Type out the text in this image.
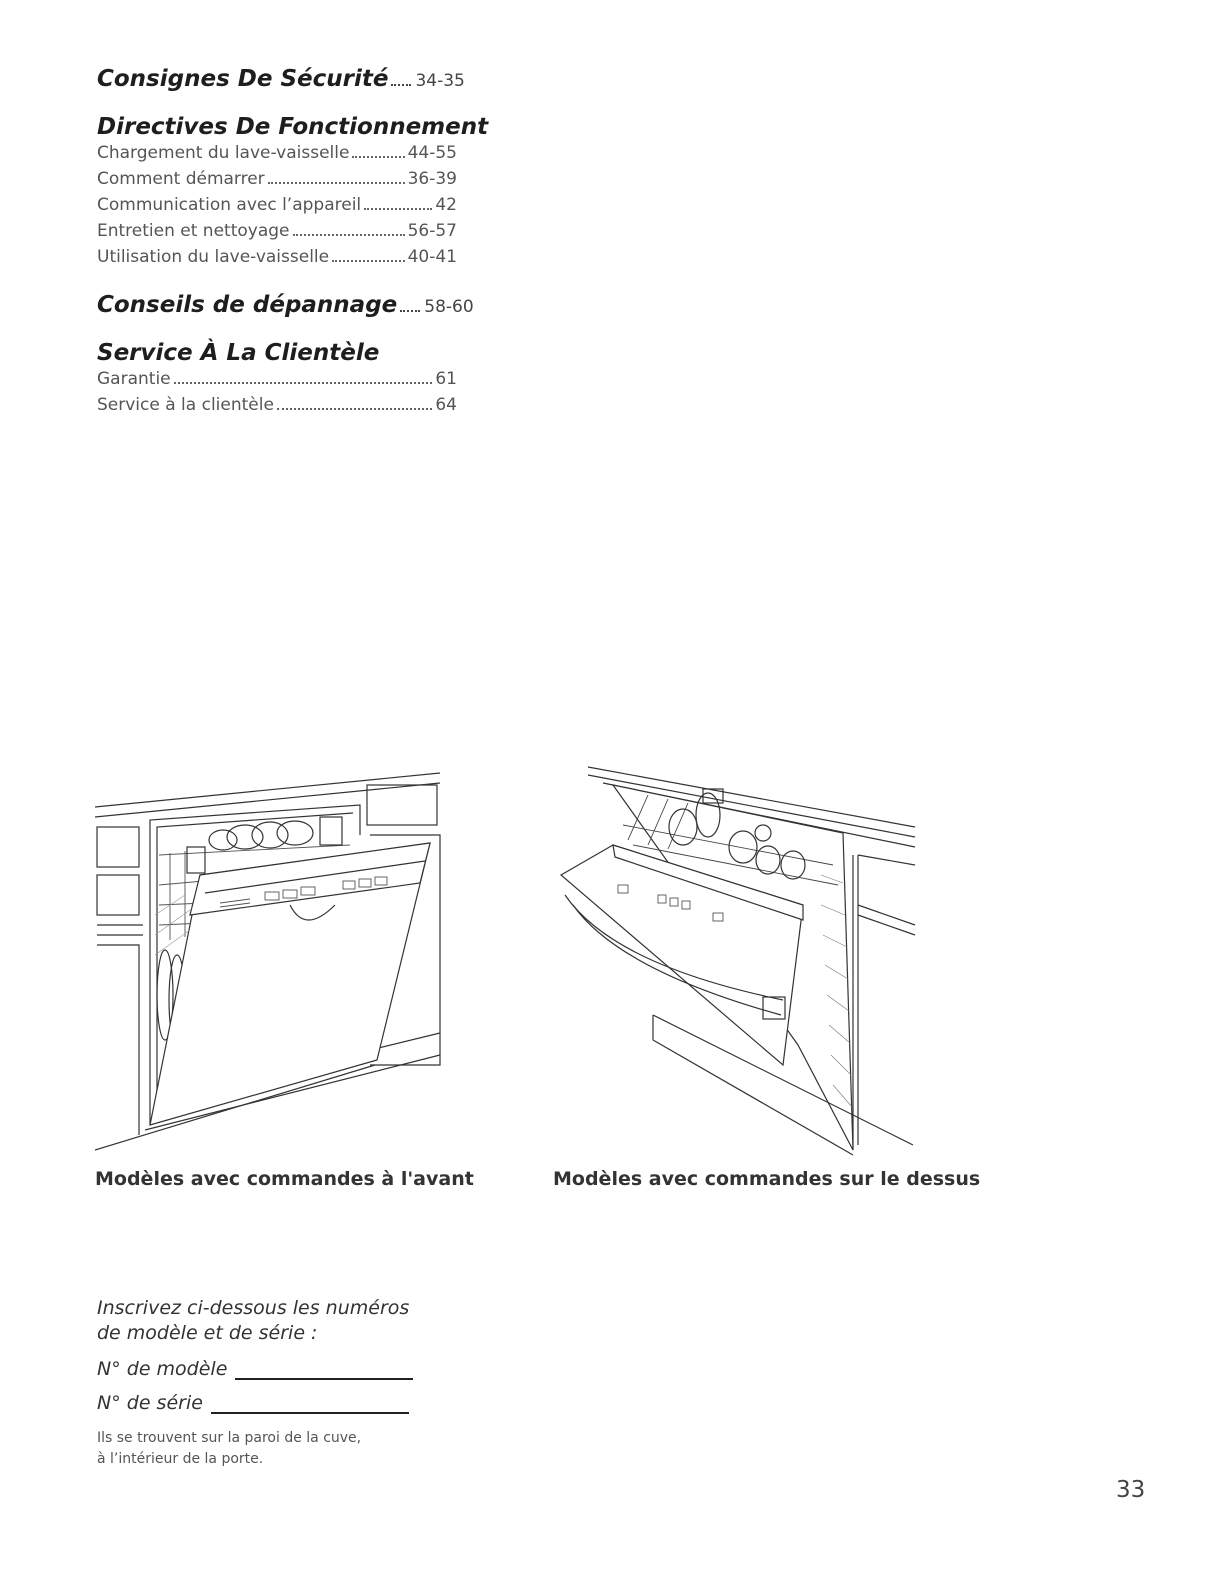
Consignes De Sécurité 34-35
Directives De Fonctionnement
Chargement du lave-vaisselle	44-55
Comment démarrer	36-39
Communication avec l’appareil	42
Entretien et nettoyage	56-57
Utilisation du lave-vaisselle	40-41
Conseils de dépannage 58-60
Service À La Clientèle
Garantie	61
Service à la clientèle	64
Modèles avec commandes à l'avant	Modèles avec commandes sur le dessus
Inscrivez ci-dessous les numéros
de modèle et de série :
N° de modèle
N° de série
Ils se trouvent sur la paroi de la cuve,
à l’intérieur de la porte.
33
